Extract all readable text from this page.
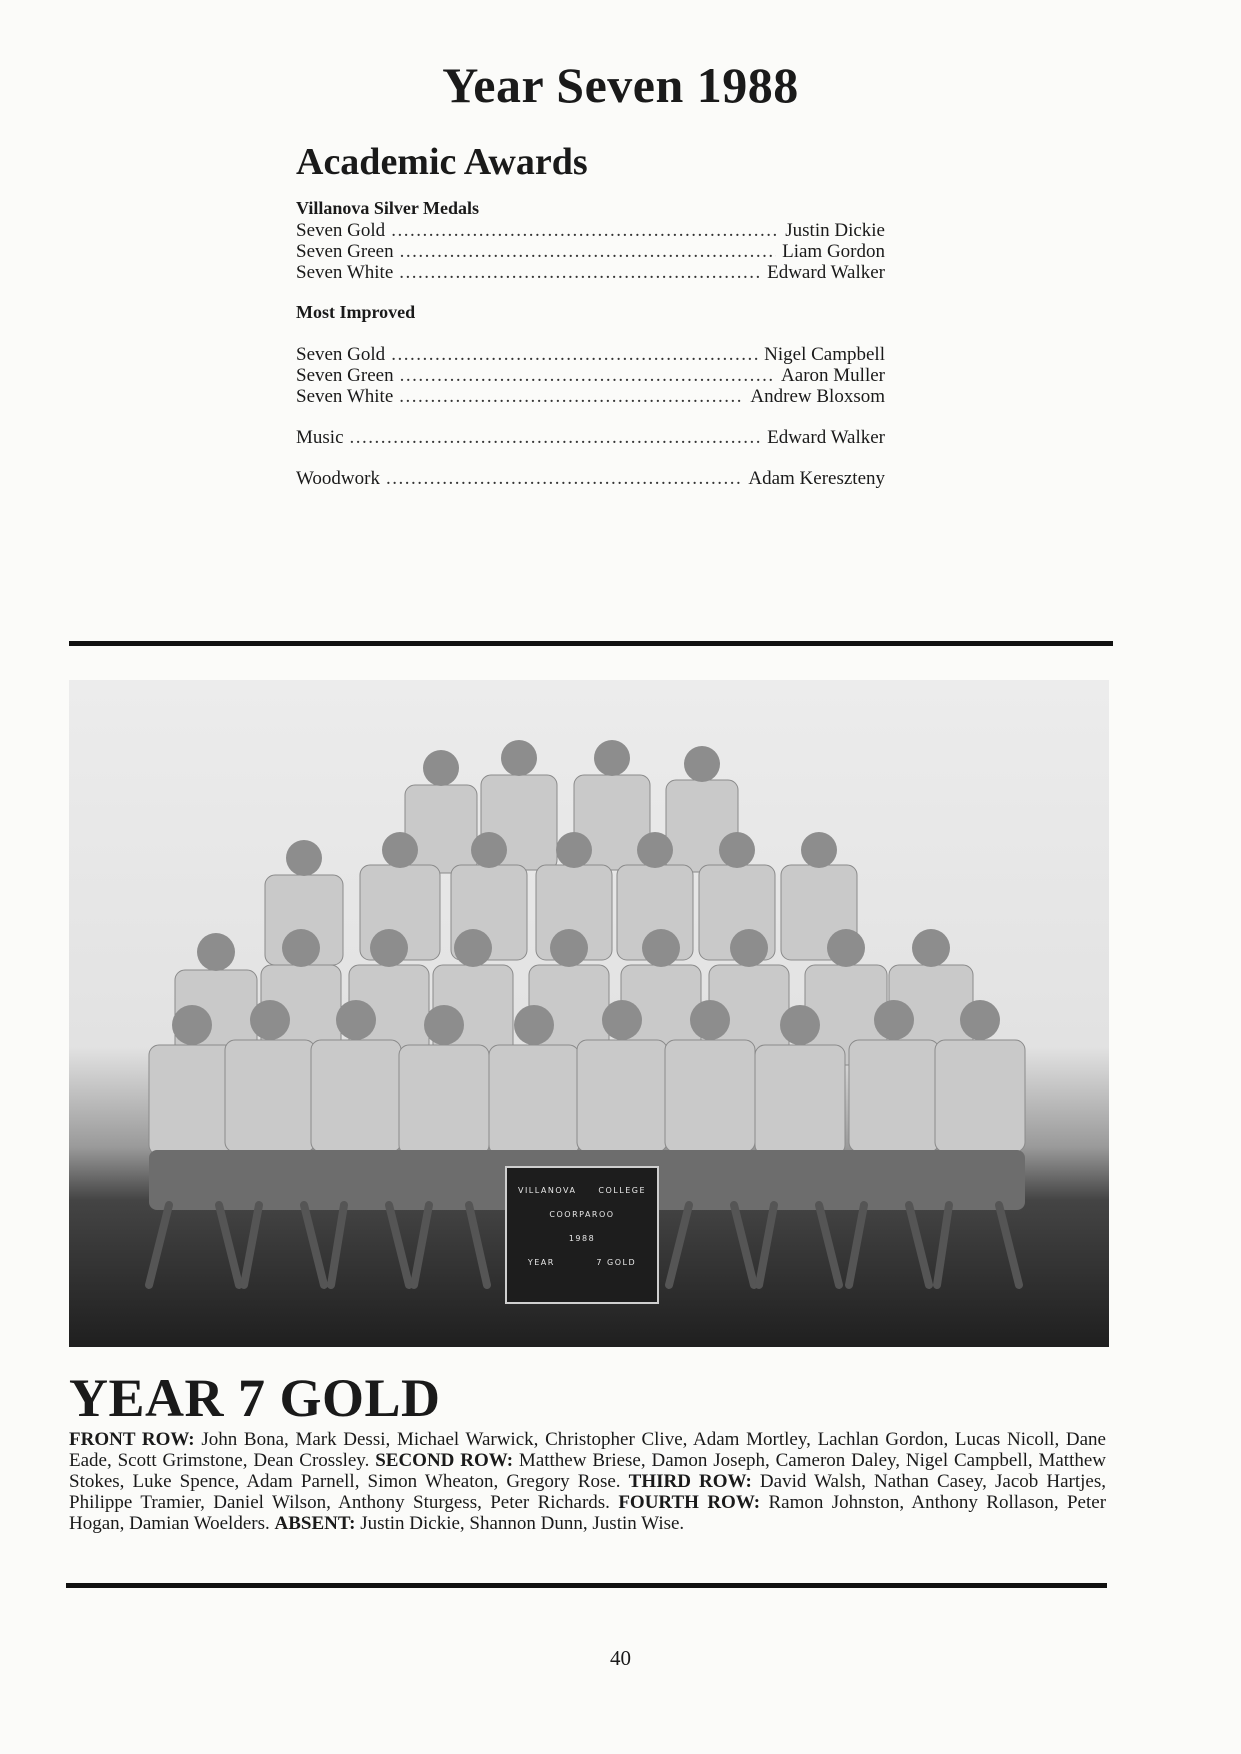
Year Seven 1988
Academic Awards
Villanova Silver Medals
Seven Gold .....	Justin Dickie
Seven Green .....	Liam Gordon
Seven White .....	Edward Walker
Most Improved
Seven Gold .....	Nigel Campbell
Seven Green .....	Aaron Muller
Seven White .....	Andrew Bloxsom
Music .....	Edward Walker
Woodwork .....	Adam Kereszteny
VILLANOVA	COLLEGE
COORPAROO
1988
YEAR	7 GOLD
YEAR 7 GOLD

FRONT ROW: John Bona, Mark Dessi, Michael Warwick, Christopher Clive, Adam Mortley, Lachlan Gordon, Lucas Nicoll, Dane Eade, Scott Grimstone, Dean Crossley. SECOND ROW: Matthew Briese, Damon Joseph, Cameron Daley, Nigel Campbell, Matthew Stokes, Luke Spence, Adam Parnell, Simon Wheaton, Gregory Rose. THIRD ROW: David Walsh, Nathan Casey, Jacob Hartjes, Philippe Tramier, Daniel Wilson, Anthony Sturgess, Peter Richards. FOURTH ROW: Ramon Johnston, Anthony Rollason, Peter Hogan, Damian Woelders. ABSENT: Justin Dickie, Shannon Dunn, Justin Wise.

40
